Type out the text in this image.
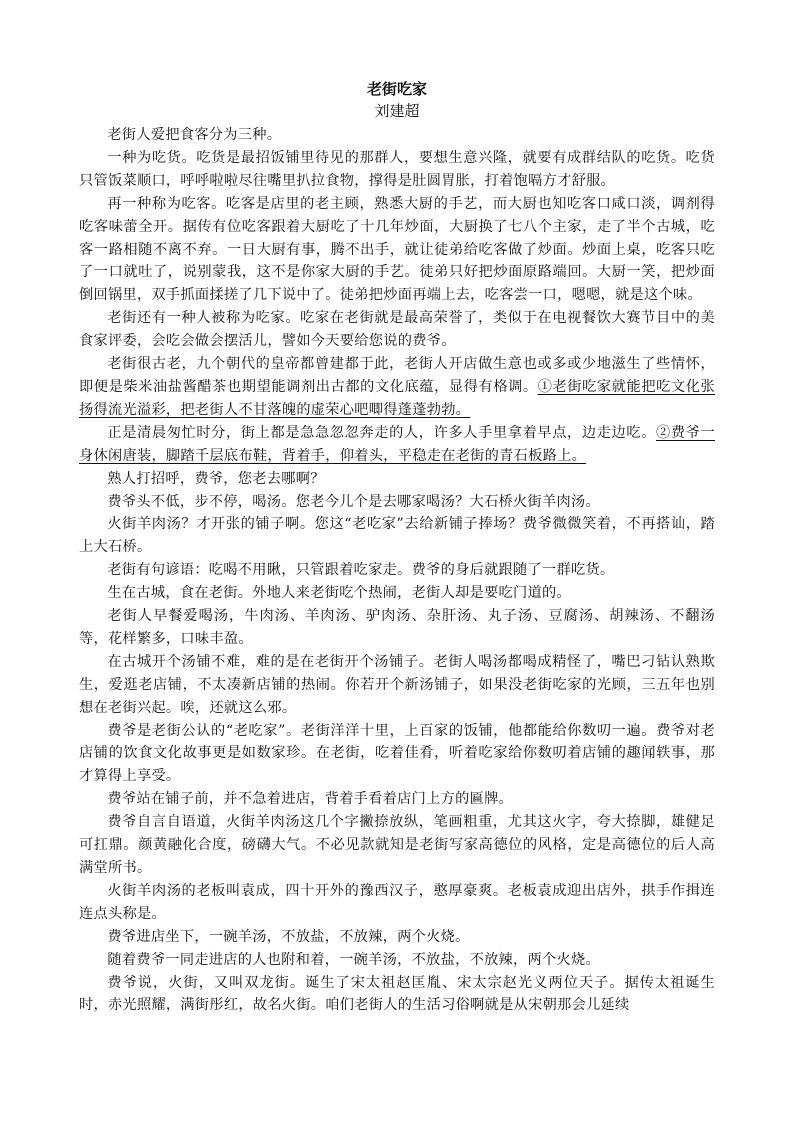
老街吃家
刘建超

老街人爱把食客分为三种。

一种为吃货。吃货是最招饭铺里待见的那群人，要想生意兴隆，就要有成群结队的吃货。吃货只管饭菜顺口，呼呼啦啦尽往嘴里扒拉食物，撑得是肚圆胃胀，打着饱嗝方才舒服。

再一种称为吃客。吃客是店里的老主顾，熟悉大厨的手艺，而大厨也知吃客口咸口淡，调剂得吃客味蕾全开。据传有位吃客跟着大厨吃了十几年炒面，大厨换了七八个主家，走了半个古城，吃客一路相随不离不弃。一日大厨有事，腾不出手，就让徒弟给吃客做了炒面。炒面上桌，吃客只吃了一口就吐了，说别蒙我，这不是你家大厨的手艺。徒弟只好把炒面原路端回。大厨一笑，把炒面倒回锅里，双手抓面揉搓了几下说中了。徒弟把炒面再端上去，吃客尝一口，嗯嗯，就是这个味。

老街还有一种人被称为吃家。吃家在老街就是最高荣誉了，类似于在电视餐饮大赛节目中的美食家评委，会吃会做会摆活儿，譬如今天要给您说的费爷。

老街很古老，九个朝代的皇帝都曾建都于此，老街人开店做生意也或多或少地滋生了些情怀，即便是柴米油盐酱醋茶也期望能调剂出古都的文化底蕴，显得有格调。①老街吃家就能把吃文化张扬得流光溢彩，把老街人不甘落魄的虚荣心吧唧得蓬蓬勃勃。

正是清晨匆忙时分，街上都是急急忽忽奔走的人，许多人手里拿着早点，边走边吃。②费爷一身休闲唐装，脚踏千层底布鞋，背着手，仰着头，平稳走在老街的青石板路上。

熟人打招呼，费爷，您老去哪啊？

费爷头不低，步不停，喝汤。您老今儿个是去哪家喝汤？大石桥火街羊肉汤。

火街羊肉汤？才开张的铺子啊。您这“老吃家”去给新铺子捧场？费爷微微笑着，不再搭讪，踏上大石桥。

老街有句谚语：吃喝不用瞅，只管跟着吃家走。费爷的身后就跟随了一群吃货。

生在古城，食在老街。外地人来老街吃个热闹，老街人却是要吃门道的。

老街人早餐爱喝汤，牛肉汤、羊肉汤、驴肉汤、杂肝汤、丸子汤、豆腐汤、胡辣汤、不翻汤等，花样繁多，口味丰盈。

在古城开个汤铺不难，难的是在老街开个汤铺子。老街人喝汤都喝成精怪了，嘴巴刁钻认熟欺生，爱逛老店铺，不太凑新店铺的热闹。你若开个新汤铺子，如果没老街吃家的光顾，三五年也别想在老街兴起。唉，还就这么邪。

费爷是老街公认的“老吃家”。老街洋洋十里，上百家的饭铺，他都能给你数叨一遍。费爷对老店铺的饮食文化故事更是如数家珍。在老街，吃着佳肴，听着吃家给你数叨着店铺的趣闻轶事，那才算得上享受。

费爷站在铺子前，并不急着进店，背着手看着店门上方的匾牌。

费爷自言自语道，火街羊肉汤这几个字撇捺放纵，笔画粗重，尤其这火字，夸大捺脚，雄健足可扛鼎。颜黄融化合度，磅礴大气。不必见款就知是老街写家高德位的风格，定是高德位的后人高满堂所书。

火街羊肉汤的老板叫袁成，四十开外的豫西汉子，憨厚豪爽。老板袁成迎出店外，拱手作揖连连点头称是。

费爷进店坐下，一碗羊汤，不放盐，不放辣，两个火烧。

随着费爷一同走进店的人也附和着，一碗羊汤，不放盐，不放辣，两个火烧。

费爷说，火街，又叫双龙街。诞生了宋太祖赵匡胤、宋太宗赵光义两位天子。据传太祖诞生时，赤光照耀，满街彤红，故名火街。咱们老街人的生活习俗啊就是从宋朝那会儿延续
